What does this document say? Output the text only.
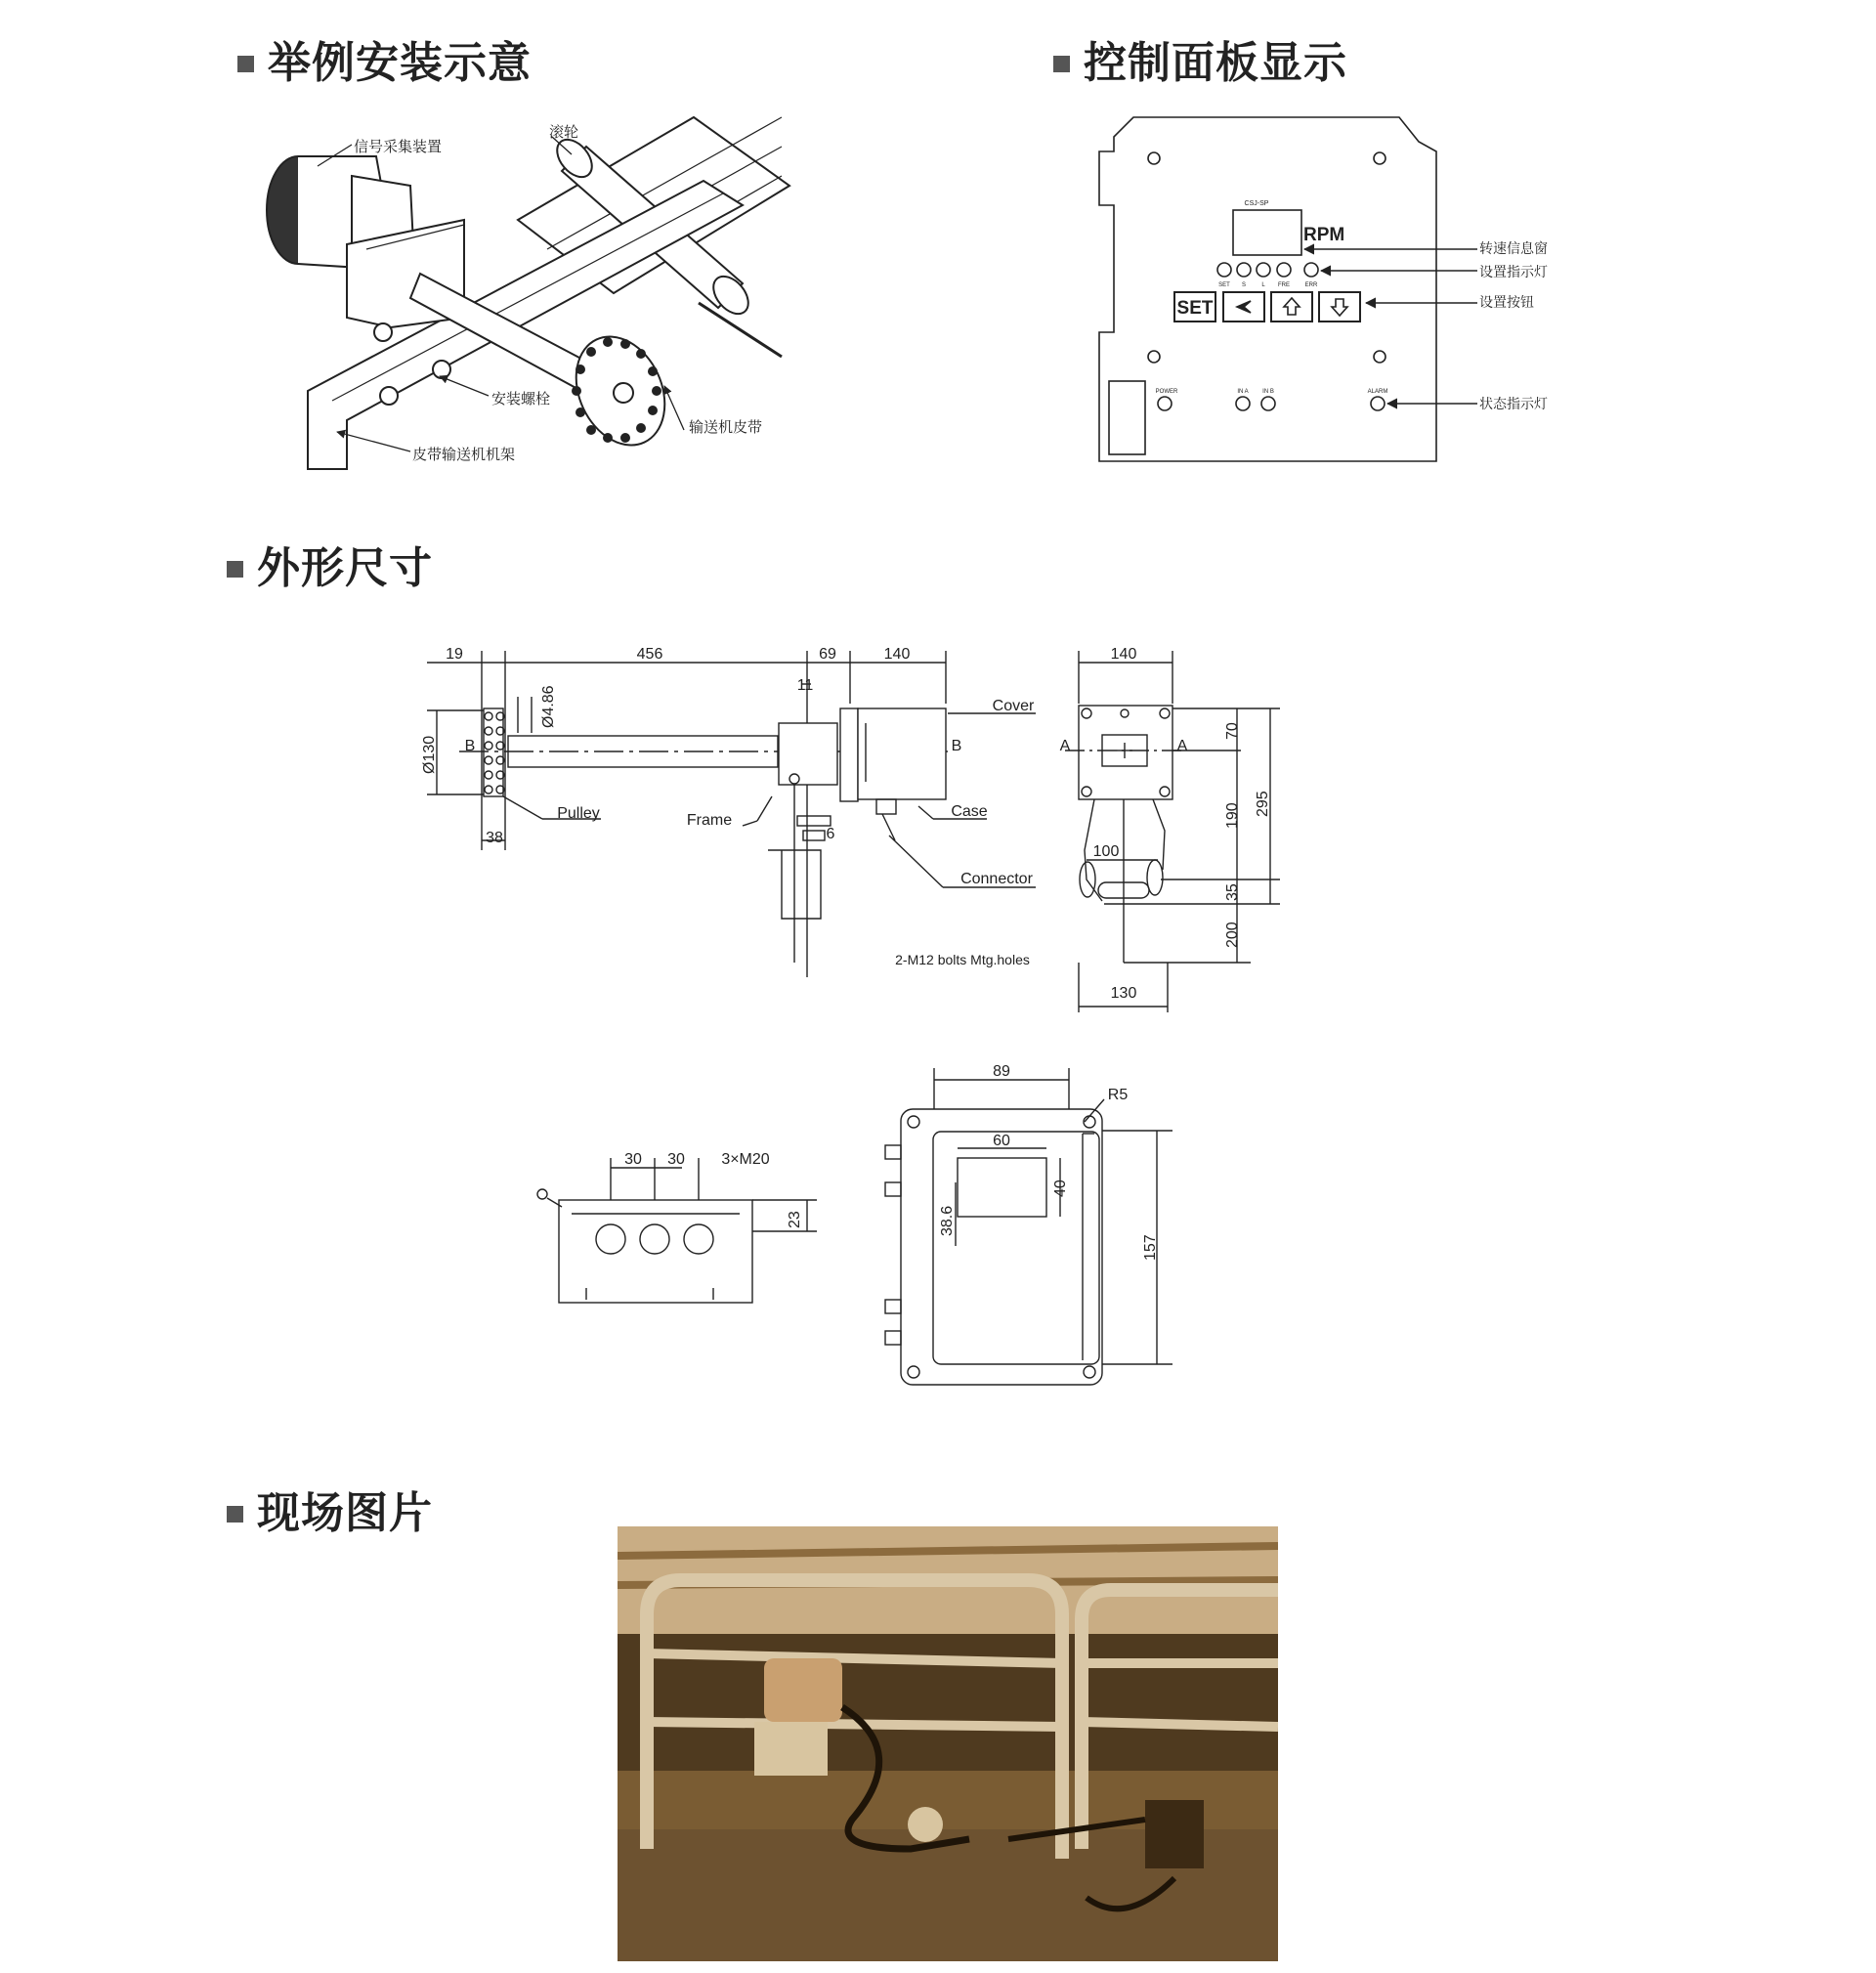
举例安装示意	控制面板显示
外形尺寸
现场图片
信号采集装置
滚轮
安装螺栓
输送机皮带
皮带输送机机架
CSJ-SP
RPM
SET
SET S	L FRE	ERR
POWER	IN A IN B	ALARM
转速信息窗
设置指示灯
设置按钮
状态指示灯
19	456	69	140
11
38	6
B	B
Cover
Pulley	Frame
Case
Connector
2-M12 bolts Mtg.holes
Ø130
Ø4.86
140
100
130
A	A
70
190 295
35
200
30 30 3×M20
23
89
R5
60
40
38.6
157
